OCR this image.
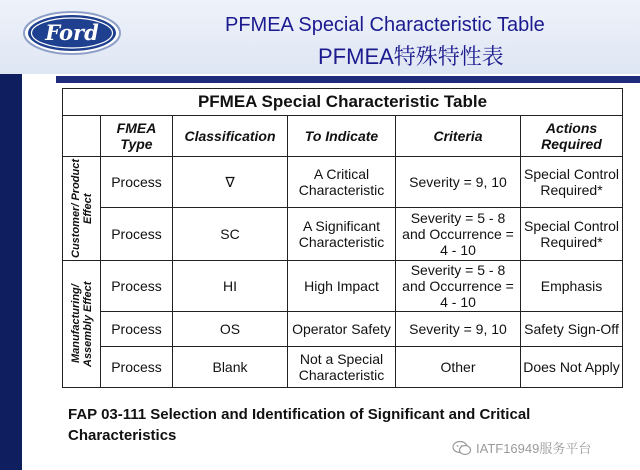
Ford	PFMEA Special Characteristic Table
PFMEA特殊特性表
PFMEA Special Characteristic Table					
	FMEA Type	Classification	To Indicate	Criteria	Actions Required

Customer/ Product Effect	Process	∇	A Critical Characteristic	Severity = 9, 10	Special Control Required*
	Process	SC	A Significant Characteristic	Severity = 5 - 8 and Occurrence = 4 - 10	Special Control Required*

Manufacturing/ Assembly Effect	Process	HI	High Impact	Severity = 5 - 8 and Occurrence = 4 - 10	Emphasis
	Process	OS	Operator Safety	Severity = 9, 10	Safety Sign-Off
	Process	Blank	Not a Special Characteristic	Other	Does Not Apply
FAP 03-111 Selection and Identification of Significant and Critical Characteristics
IATF16949服务平台
